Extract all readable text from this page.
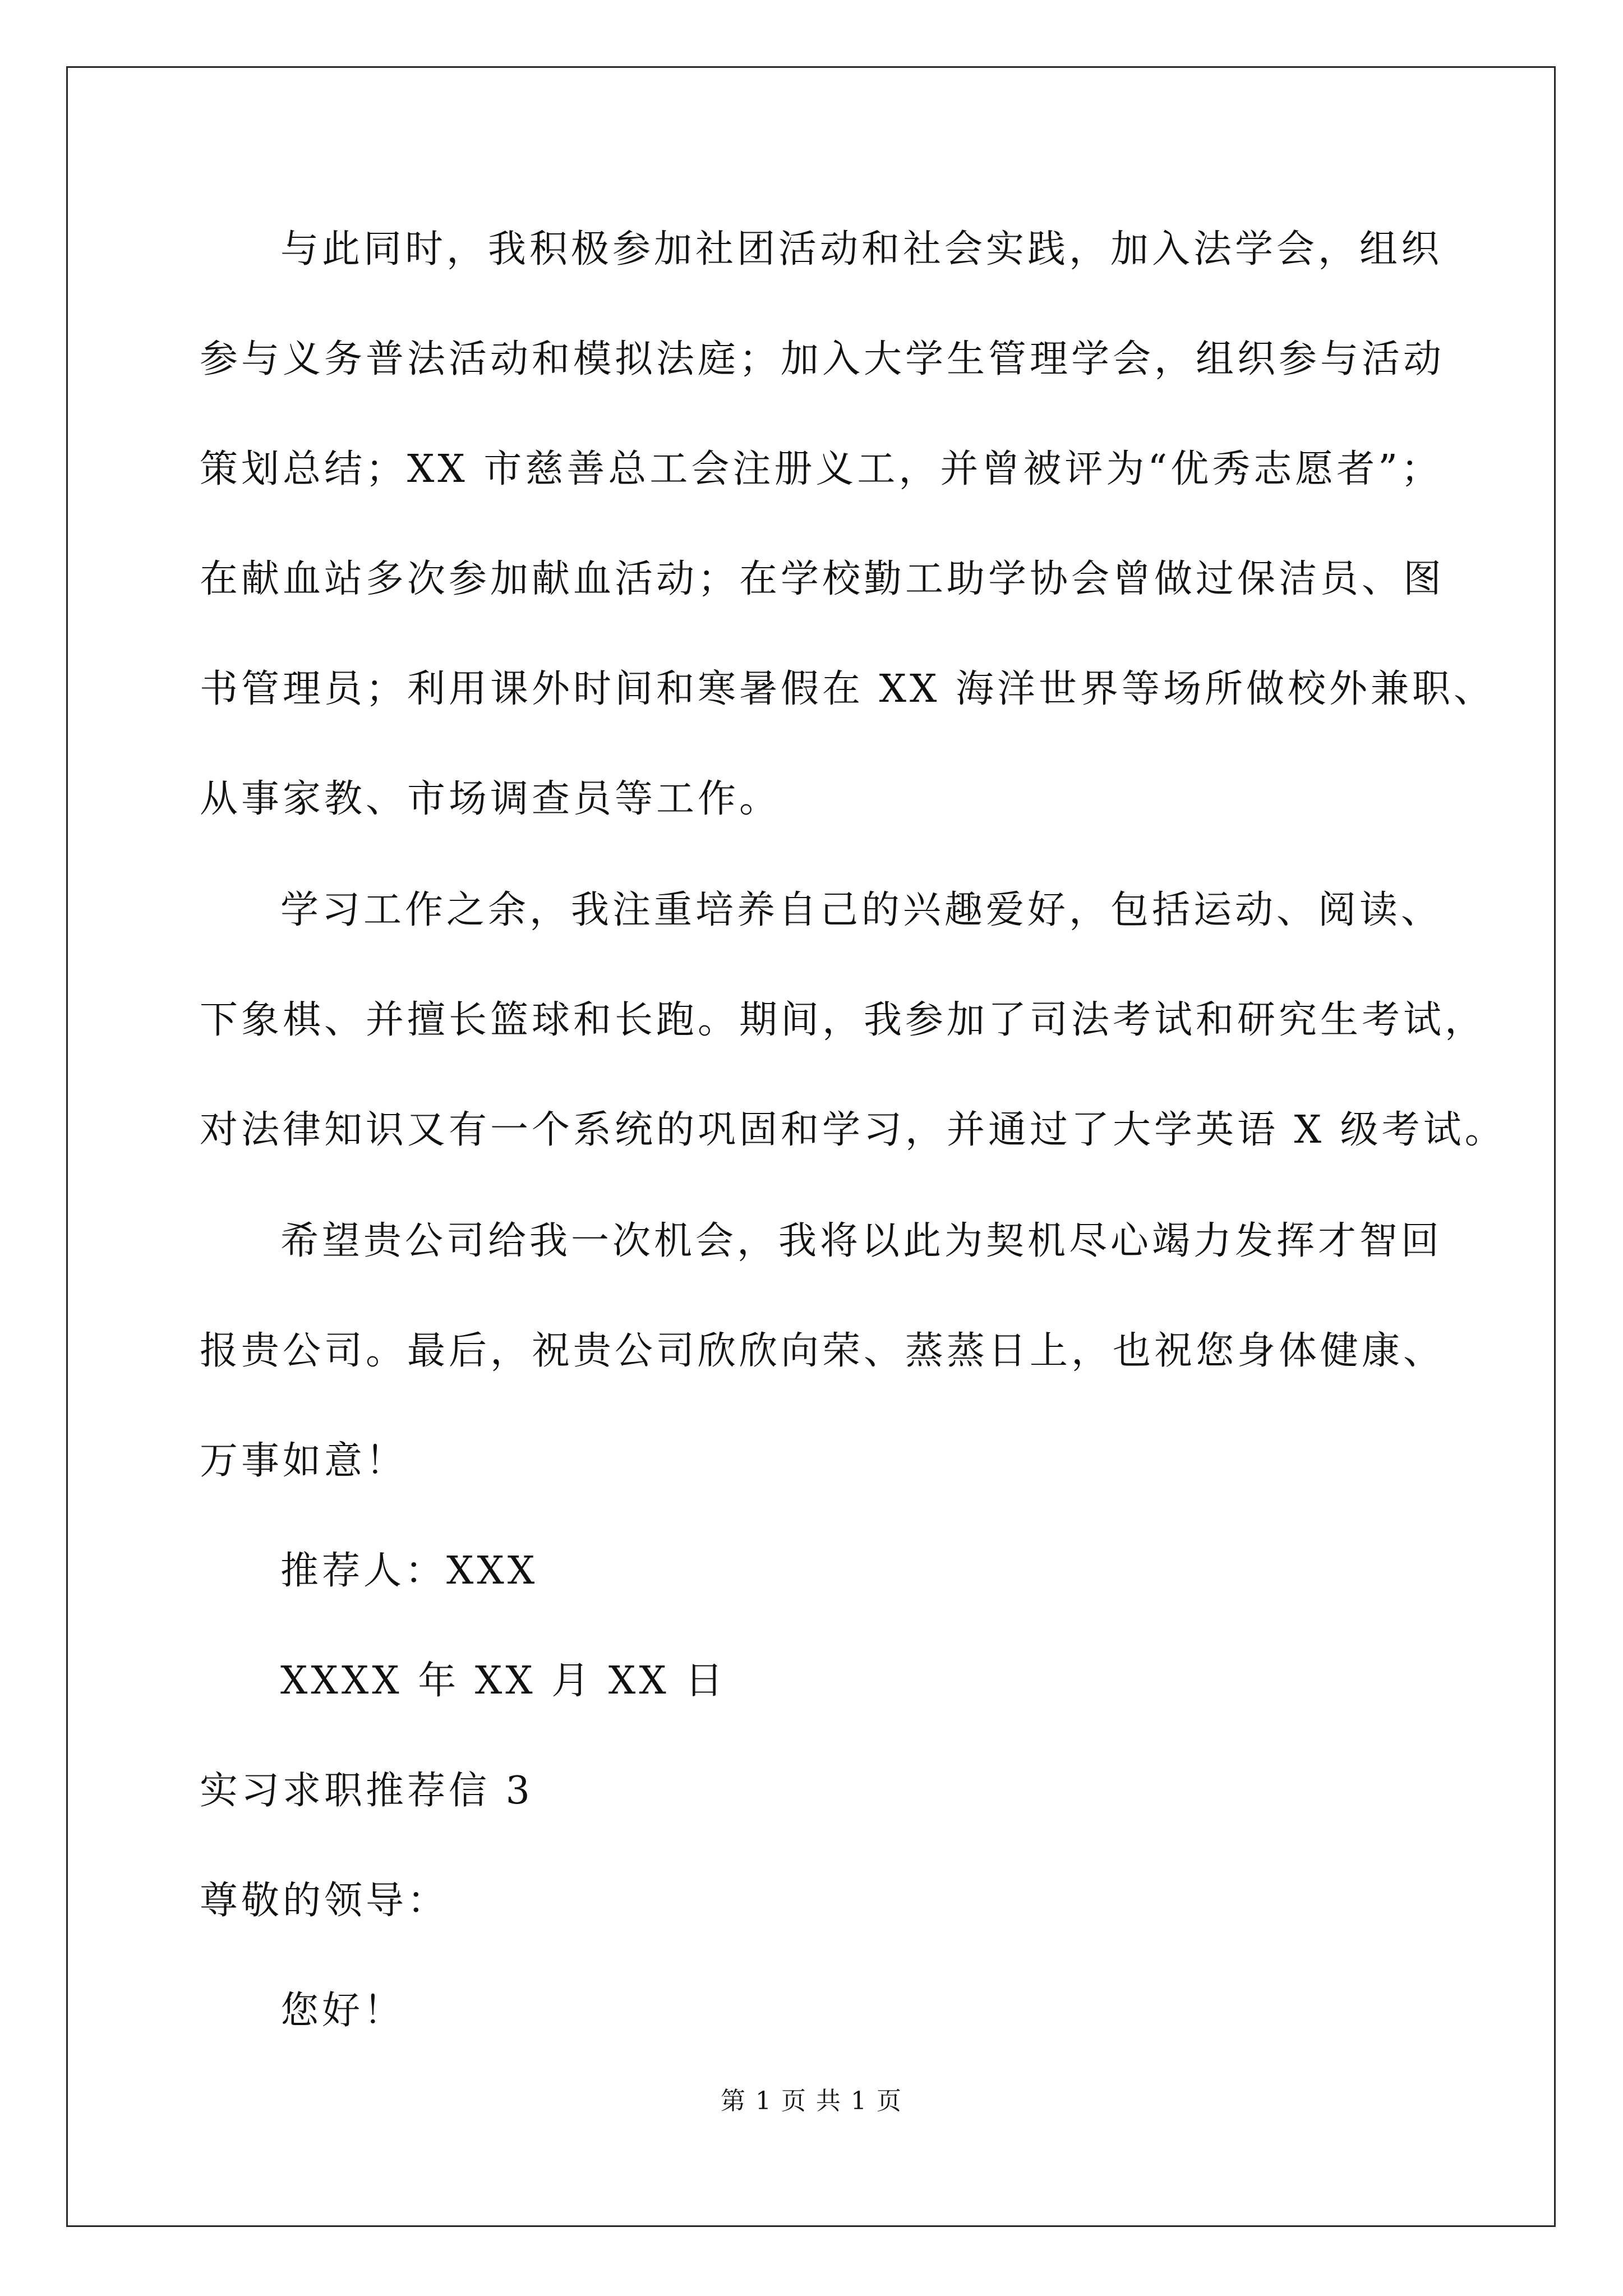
与此同时，我积极参加社团活动和社会实践，加入法学会，组织
参与义务普法活动和模拟法庭；加入大学生管理学会，组织参与活动
策划总结；XX 市慈善总工会注册义工，并曾被评为“优秀志愿者”；
在献血站多次参加献血活动；在学校勤工助学协会曾做过保洁员、图
书管理员；利用课外时间和寒暑假在 XX 海洋世界等场所做校外兼职、
从事家教、市场调查员等工作。
学习工作之余，我注重培养自己的兴趣爱好，包括运动、阅读、
下象棋、并擅长篮球和长跑。期间，我参加了司法考试和研究生考试，
对法律知识又有一个系统的巩固和学习，并通过了大学英语 X 级考试。
希望贵公司给我一次机会，我将以此为契机尽心竭力发挥才智回
报贵公司。最后，祝贵公司欣欣向荣、蒸蒸日上，也祝您身体健康、
万事如意！
推荐人：XXX
XXXX 年 XX 月 XX 日
实习求职推荐信 3
尊敬的领导：
您好！
第 1 页 共 1 页
